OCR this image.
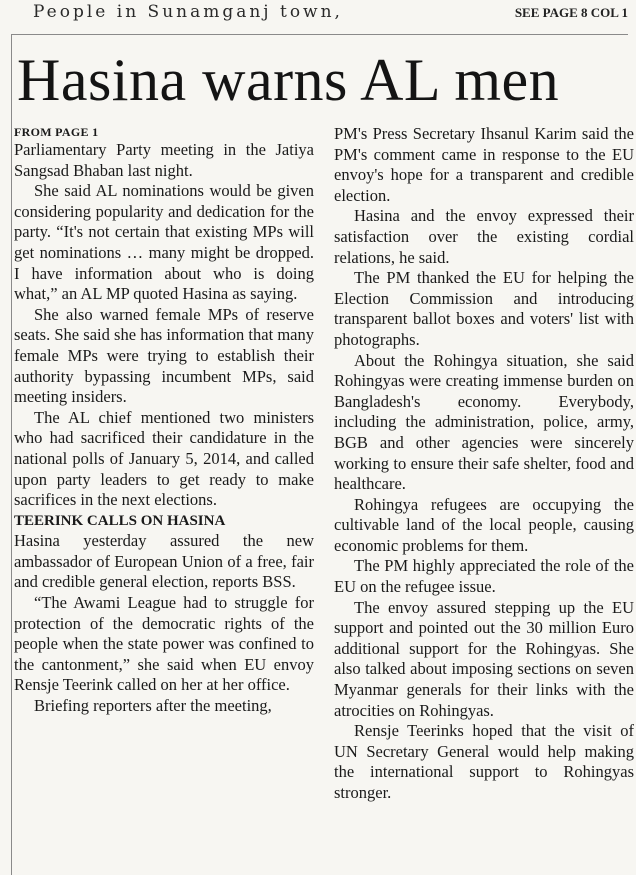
People in Sunamganj town,	SEE PAGE 8 COL 1
Hasina warns AL men
FROM PAGE 1

Parliamentary Party meeting in the Jatiya Sangsad Bhaban last night.

She said AL nominations would be given considering popularity and dedication for the party. “It's not certain that existing MPs will get nominations … many might be dropped. I have information about who is doing what,” an AL MP quoted Hasina as saying.

She also warned female MPs of reserve seats. She said she has information that many female MPs were trying to establish their authority bypassing incumbent MPs, said meeting insiders.

The AL chief mentioned two ministers who had sacrificed their candidature in the national polls of January 5, 2014, and called upon party leaders to get ready to make sacrifices in the next elections.

TEERINK CALLS ON HASINA

Hasina yesterday assured the new ambassador of European Union of a free, fair and credible general election, reports BSS.

“The Awami League had to struggle for protection of the democratic rights of the people when the state power was confined to the cantonment,” she said when EU envoy Rensje Teerink called on her at her office.

Briefing reporters after the meeting,

PM's Press Secretary Ihsanul Karim said the PM's comment came in response to the EU envoy's hope for a transparent and credible election.

Hasina and the envoy expressed their satisfaction over the existing cordial relations, he said.

The PM thanked the EU for helping the Election Commission and introducing transparent ballot boxes and voters' list with photographs.

About the Rohingya situation, she said Rohingyas were creating immense burden on Bangladesh's economy. Everybody, including the administration, police, army, BGB and other agencies were sincerely working to ensure their safe shelter, food and healthcare.

Rohingya refugees are occupying the cultivable land of the local people, causing economic problems for them.

The PM highly appreciated the role of the EU on the refugee issue.

The envoy assured stepping up the EU support and pointed out the 30 million Euro additional support for the Rohingyas. She also talked about imposing sections on seven Myanmar generals for their links with the atrocities on Rohingyas.

Rensje Teerinks hoped that the visit of UN Secretary General would help making the international support to Rohingyas stronger.
